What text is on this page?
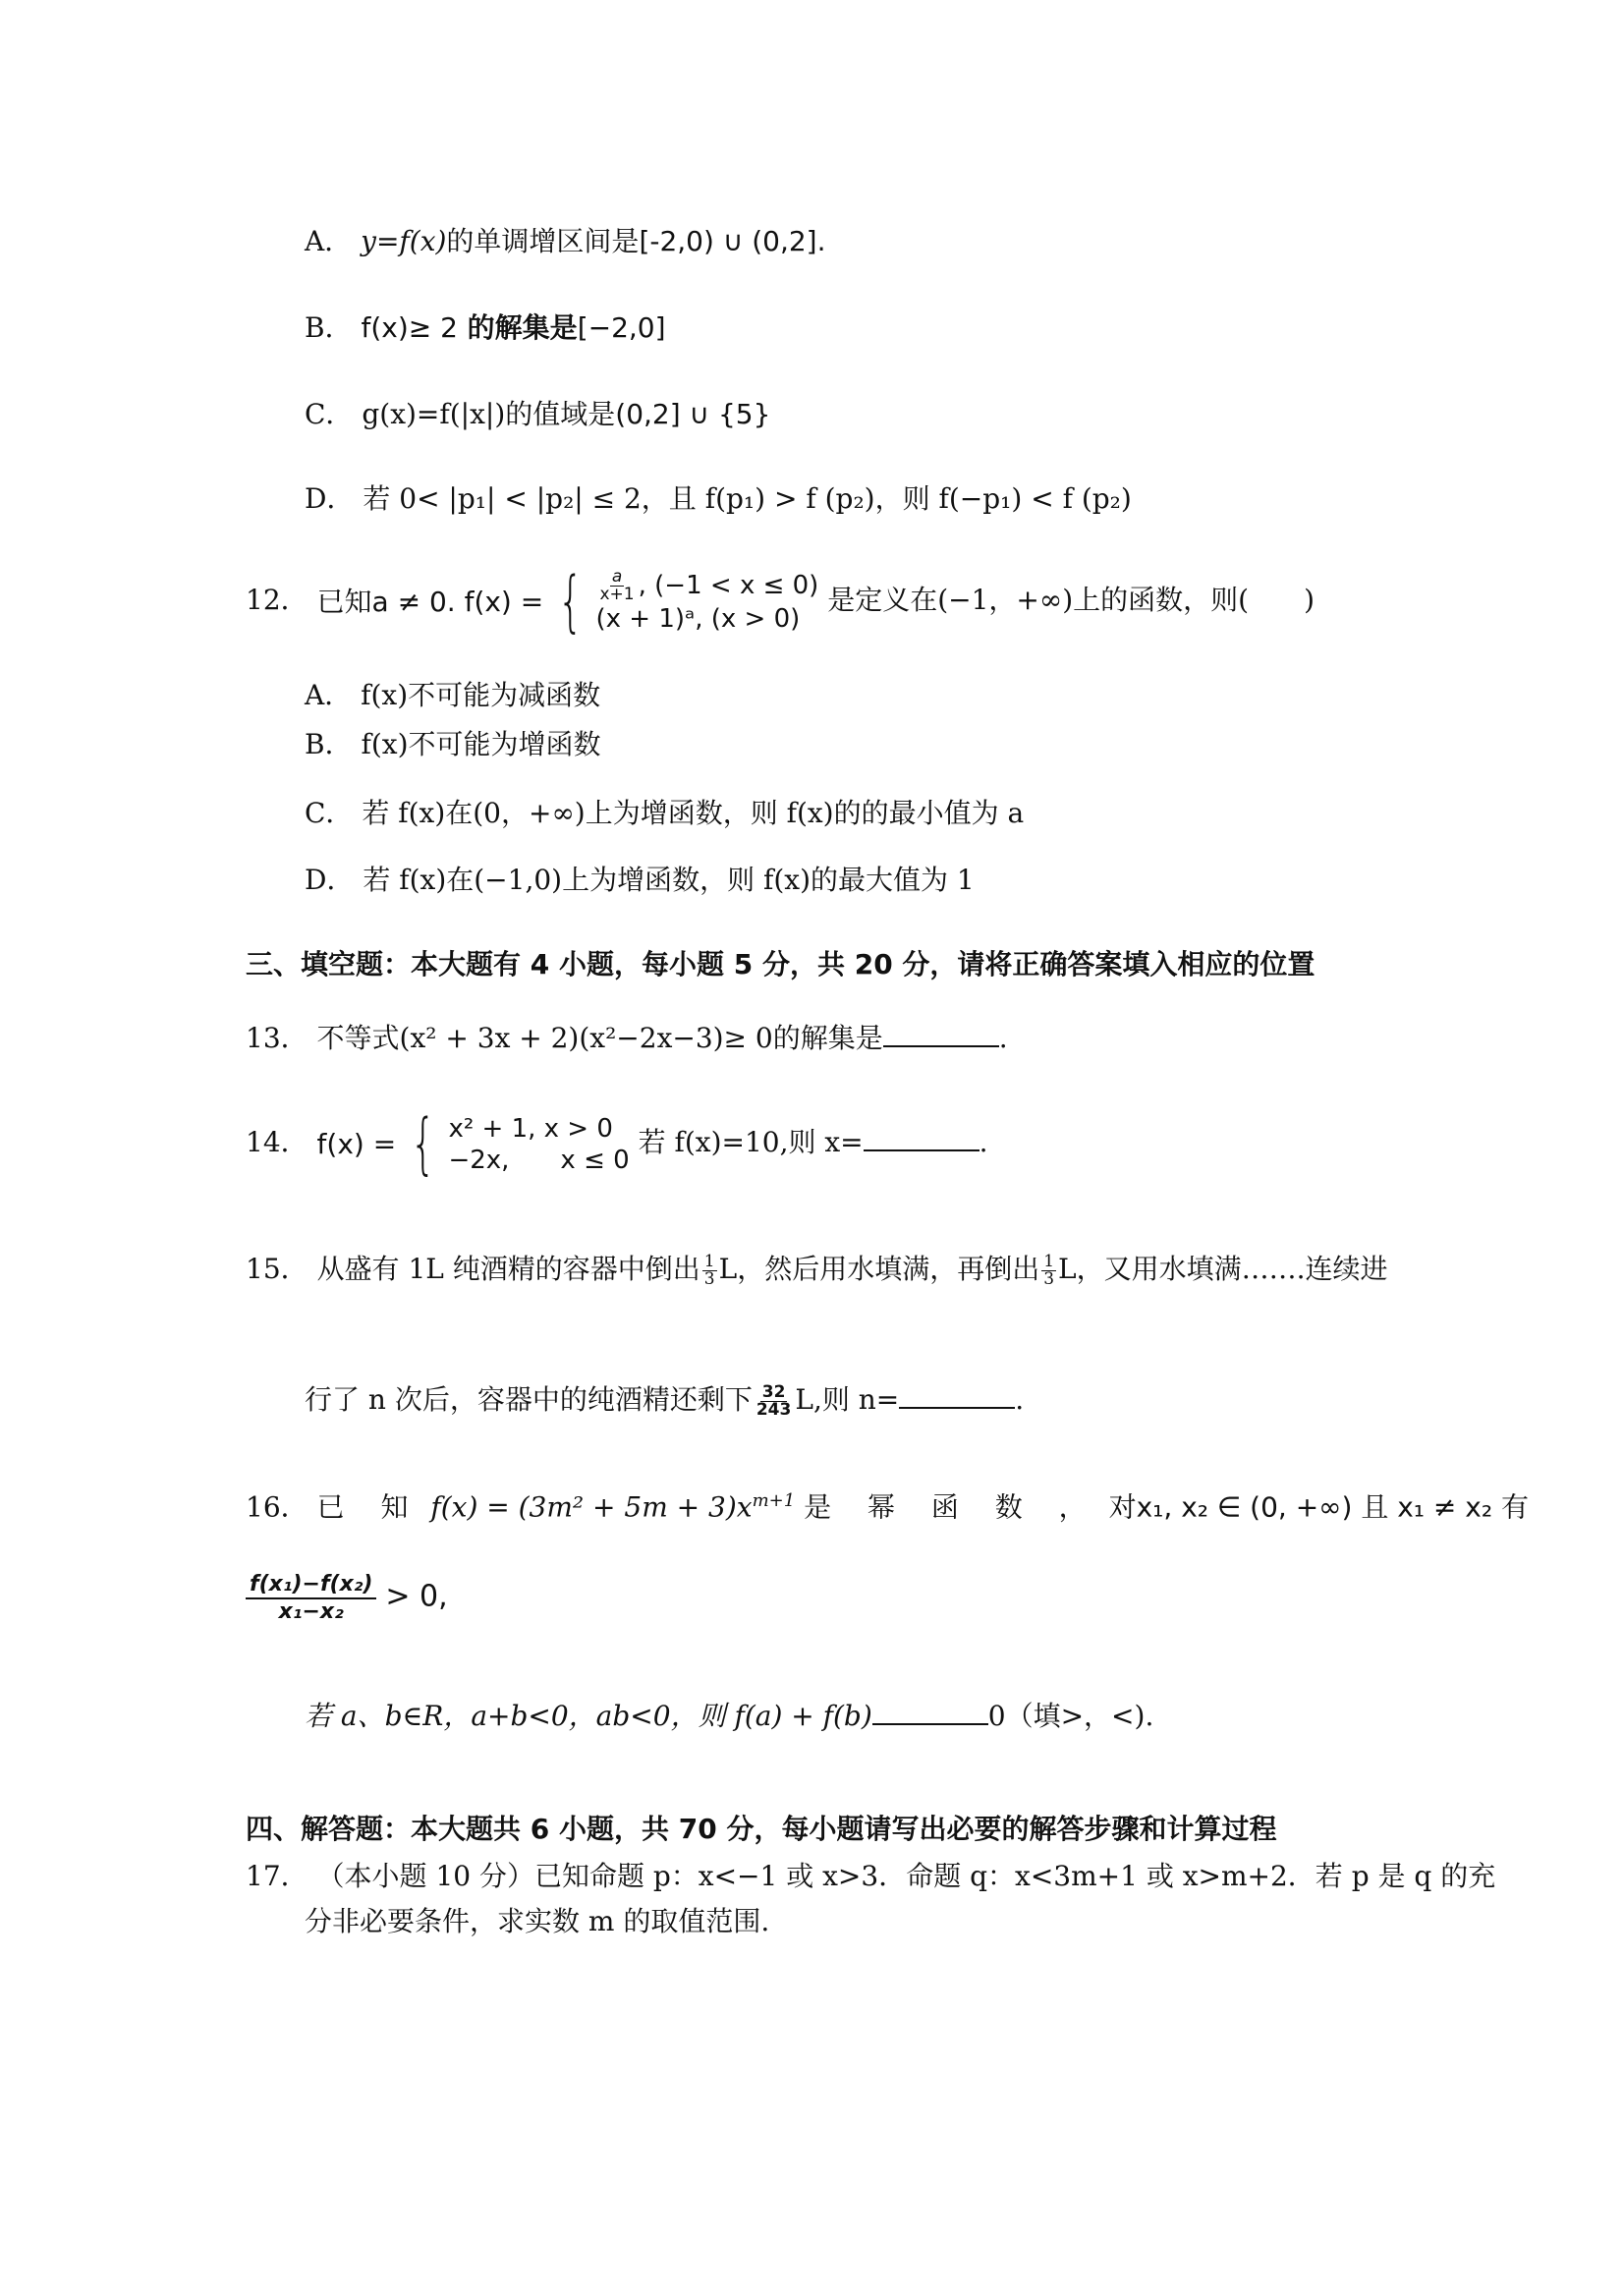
A． y=f(x)的单调增区间是[-2,0) ∪ (0,2].
B． f(x)≥ 2 的解集是[−2,0]
C． g(x)=f(|x|)的值域是(0,2] ∪ {5}
D． 若 0< |p₁| < |p₂| ≤ 2，且 f(p₁) > f (p₂)，则 f(−p₁) < f (p₂)
12． 已知a ≠ 0. f(x) = { $\frac{a}{x+1}$ , (−1 < x ≤ 0)
(x + 1)ᵃ, (x > 0)
是定义在(−1，+∞)上的函数，则(　　)
A． f(x)不可能为减函数
B． f(x)不可能为增函数
C． 若 f(x)在(0，+∞)上为增函数，则 f(x)的的最小值为 a
D． 若 f(x)在(−1,0)上为增函数，则 f(x)的最大值为 1
三、填空题：本大题有 4 小题，每小题 5 分，共 20 分，请将正确答案填入相应的位置
13． 不等式(x² + 3x + 2)(x²−2x−3)≥ 0的解集是	.
14． f(x) = { x² + 1, x > 0
−2x,　　x ≤ 0
若 f(x)=10,则 x=	.
15． 从盛有 1L 纯酒精的容器中倒出 $\frac{1}{3}$ L，然后用水填满，再倒出 $\frac{1}{3}$ L，又用水填满…….连续进
行了 n 次后，容器中的纯酒精还剩下 $\frac{32}{243} L$,则 n=	.
16． 已 知 $f(x) = (3m^2 + 5m + 3)x^{m+1}$ 是 幂 函 数 ， 对x₁, x₂ ∈ (0, +∞) 且 x₁ ≠ x₂ 有
$\frac{\text{f(x₁)−f(x₂)}}{\text{x₁−x₂}} > 0$,
若 a、b∈R，a+b<0，ab<0，则 f(a) + f(b)	0（填>，<).
四、解答题：本大题共 6 小题，共 70 分，每小题请写出必要的解答步骤和计算过程
17． （本小题 10 分）已知命题 p：x<−1 或 x>3．命题 q：x<3m+1 或 x>m+2．若 p 是 q 的充
分非必要条件，求实数 m 的取值范围.
